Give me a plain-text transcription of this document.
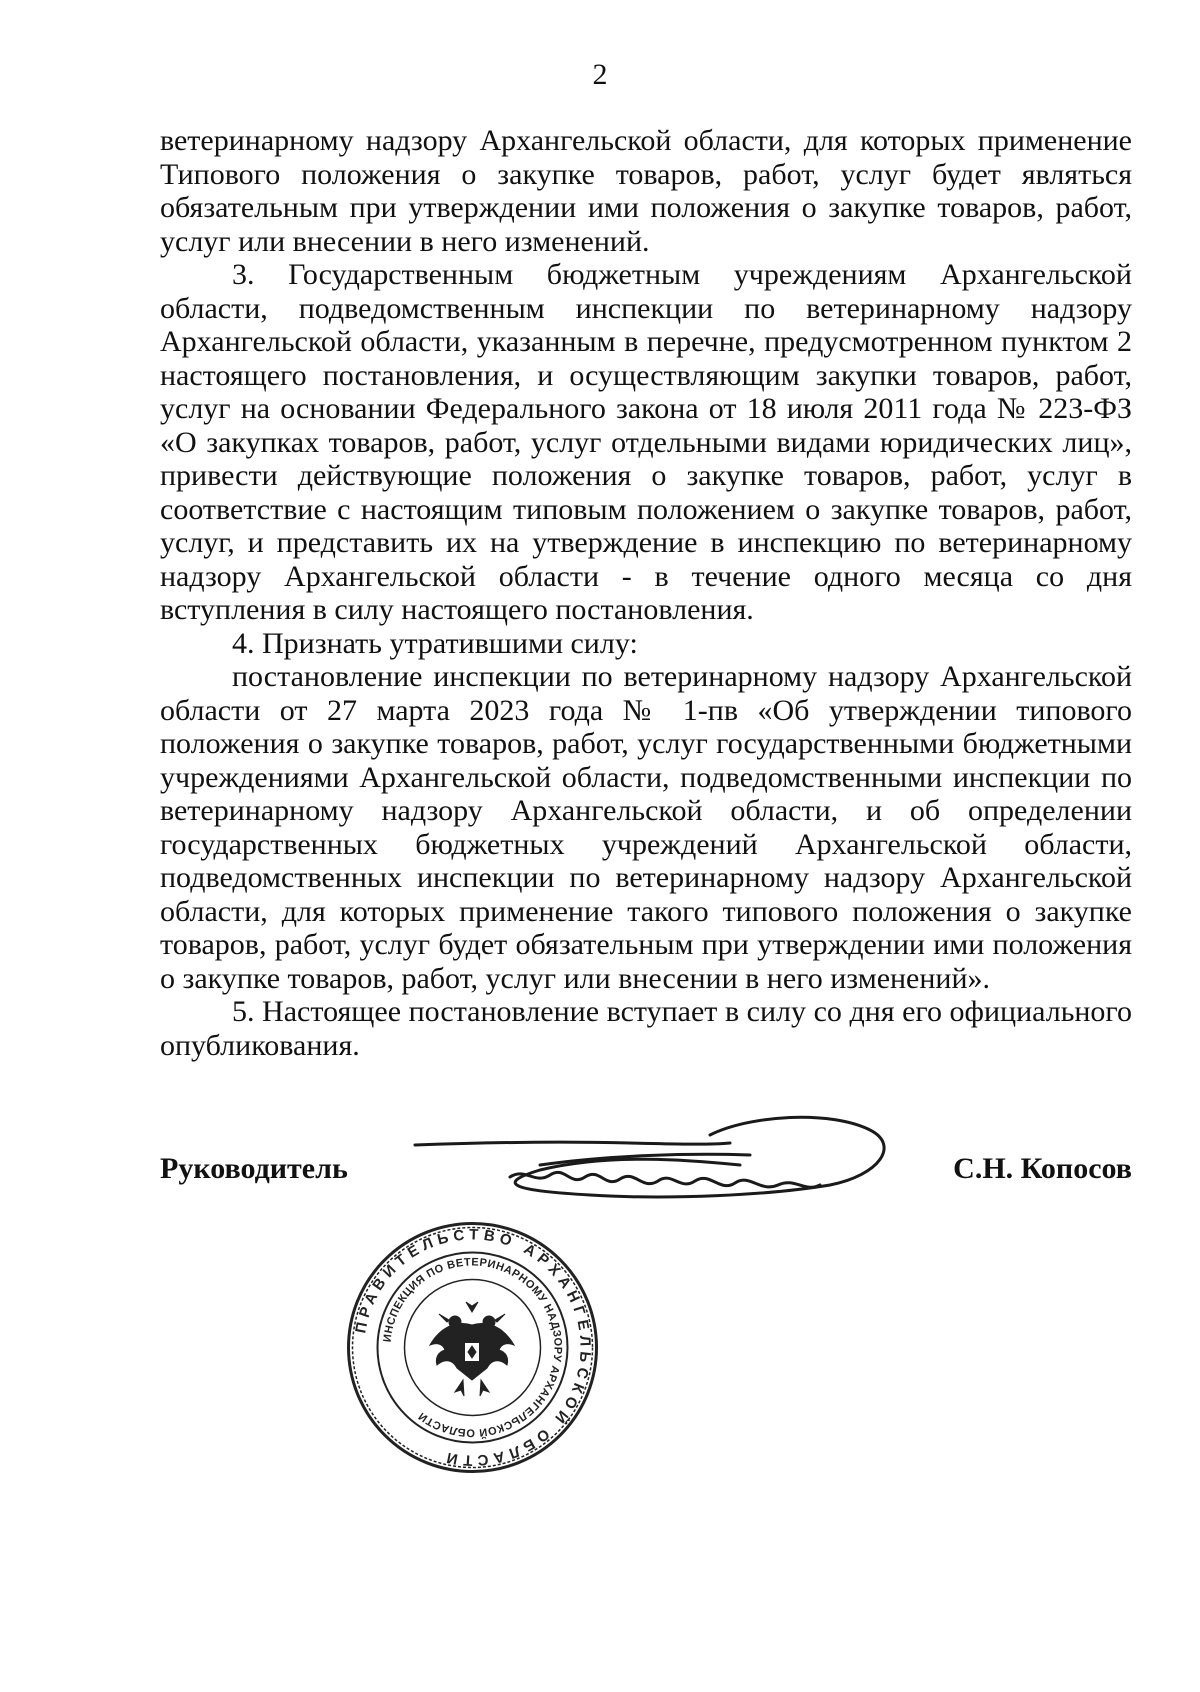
2

ветеринарному надзору Архангельской области, для которых применение Типового положения о закупке товаров, работ, услуг будет являться обязательным при утверждении ими положения о закупке товаров, работ, услуг или внесении в него изменений.

3. Государственным бюджетным учреждениям Архангельской области, подведомственным инспекции по ветеринарному надзору Архангельской области, указанным в перечне, предусмотренном пунктом 2 настоящего постановления, и осуществляющим закупки товаров, работ, услуг на основании Федерального закона от 18 июля 2011 года № 223-ФЗ «О закупках товаров, работ, услуг отдельными видами юридических лиц», привести действующие положения о закупке товаров, работ, услуг в соответствие с настоящим типовым положением о закупке товаров, работ, услуг, и представить их на утверждение в инспекцию по ветеринарному надзору Архангельской области - в течение одного месяца со дня вступления в силу настоящего постановления.

4. Признать утратившими силу:

постановление инспекции по ветеринарному надзору Архангельской области от 27 марта 2023 года № 1-пв «Об утверждении типового положения о закупке товаров, работ, услуг государственными бюджетными учреждениями Архангельской области, подведомственными инспекции по ветеринарному надзору Архангельской области, и об определении государственных бюджетных учреждений Архангельской области, подведомственных инспекции по ветеринарному надзору Архангельской области, для которых применение такого типового положения о закупке товаров, работ, услуг будет обязательным при утверждении ими положения о закупке товаров, работ, услуг или внесении в него изменений».

5. Настоящее постановление вступает в силу со дня его официального опубликования.

Руководитель	С.Н. Копосов
ПРАВИТЕЛЬСТВО АРХАНГЕЛЬСКОЙ ОБЛАСТИ
ИНСПЕКЦИЯ ПО ВЕТЕРИНАРНОМУ НАДЗОРУ АРХАНГЕЛЬСКОЙ ОБЛАСТИ
